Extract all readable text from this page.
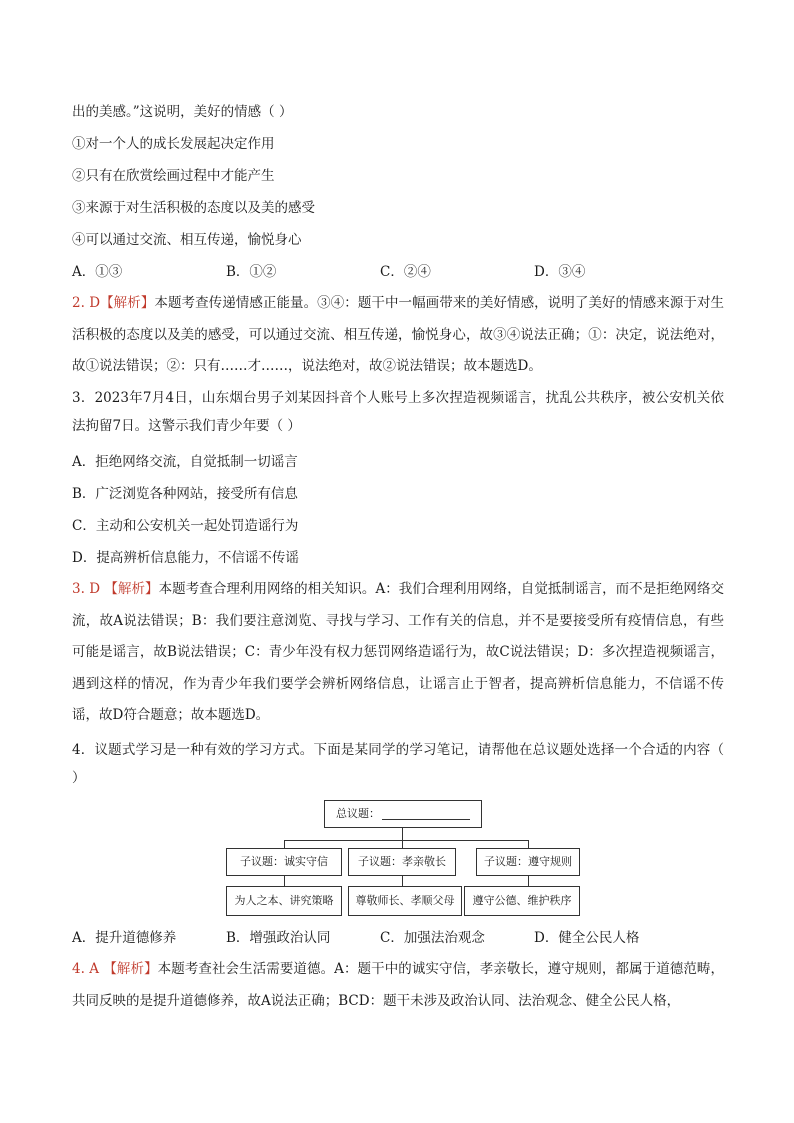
出的美感。”这说明，美好的情感（ ）
①对一个人的成长发展起决定作用
②只有在欣赏绘画过程中才能产生
③来源于对生活积极的态度以及美的感受
④可以通过交流、相互传递，愉悦身心
A．①③	B．①②	C．②④	D．③④
2. D【解析】本题考查传递情感正能量。③④：题干中一幅画带来的美好情感，说明了美好的情感来源于对生活积极的态度以及美的感受，可以通过交流、相互传递，愉悦身心，故③④说法正确；①：决定，说法绝对，故①说法错误；②：只有……才……，说法绝对，故②说法错误；故本题选D。
3．2023年7月4日，山东烟台男子刘某因抖音个人账号上多次捏造视频谣言，扰乱公共秩序，被公安机关依法拘留7日。这警示我们青少年要（ ）
A．拒绝网络交流，自觉抵制一切谣言
B．广泛浏览各种网站，接受所有信息
C．主动和公安机关一起处罚造谣行为
D．提高辨析信息能力，不信谣不传谣
3. D 【解析】本题考查合理利用网络的相关知识。A：我们合理利用网络，自觉抵制谣言，而不是拒绝网络交流，故A说法错误；B：我们要注意浏览、寻找与学习、工作有关的信息，并不是要接受所有疫情信息，有些可能是谣言，故B说法错误；C：青少年没有权力惩罚网络造谣行为，故C说法错误；D：多次捏造视频谣言，遇到这样的情况，作为青少年我们要学会辨析网络信息，让谣言止于智者，提高辨析信息能力，不信谣不传谣，故D符合题意；故本题选D。
4．议题式学习是一种有效的学习方式。下面是某同学的学习笔记，请帮他在总议题处选择一个合适的内容（ ）
总议题：
子议题：诚实守信	子议题：孝亲敬长	子议题：遵守规则
为人之本、讲究策略	尊敬师长、孝顺父母	遵守公德、维护秩序
A．提升道德修养	B．增强政治认同	C．加强法治观念	D．健全公民人格
4. A 【解析】本题考查社会生活需要道德。A：题干中的诚实守信，孝亲敬长，遵守规则，都属于道德范畴，共同反映的是提升道德修养，故A说法正确；BCD：题干未涉及政治认同、法治观念、健全公民人格，
